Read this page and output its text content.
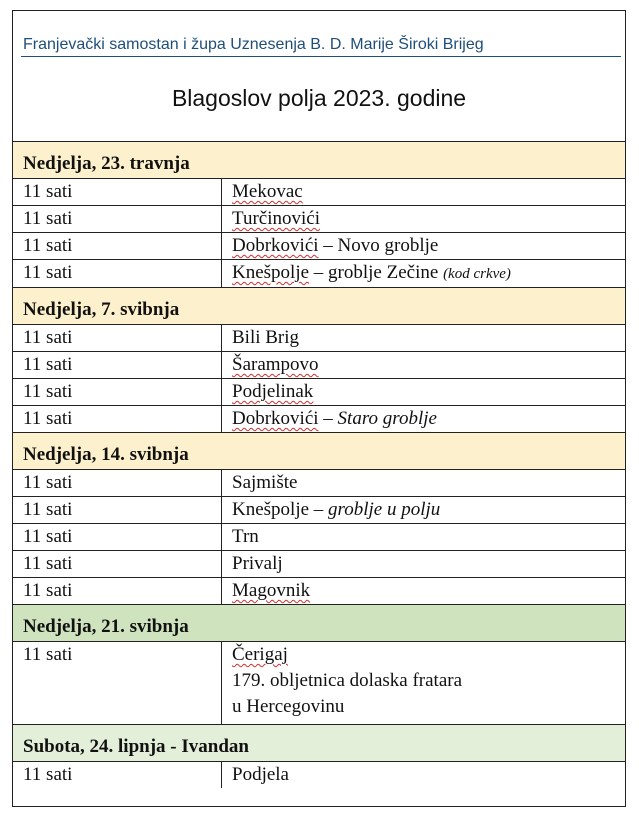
Franjevački samostan i župa Uznesenja B. D. Marije Široki Brijeg
Blagoslov polja 2023. godine
Nedjelja, 23. travnja	
11 sati	Mekovac
11 sati	Turčinovići
11 sati	Dobrkovići – Novo groblje
11 sati	Knešpolje – groblje Zečine (kod crkve)
Nedjelja, 7. svibnja	
11 sati	Bili Brig
11 sati	Šarampovo
11 sati	Podjelinak
11 sati	Dobrkovići – Staro groblje
Nedjelja, 14. svibnja	
11 sati	Sajmište
11 sati	Knešpolje – groblje u polju
11 sati	Trn
11 sati	Privalj
11 sati	Magovnik
Nedjelja, 21. svibnja	
11 sati	Čerigaj
179. obljetnica dolaska fratara
u Hercegovinu

Subota, 24. lipnja - Ivandan	
11 sati	Podjela
